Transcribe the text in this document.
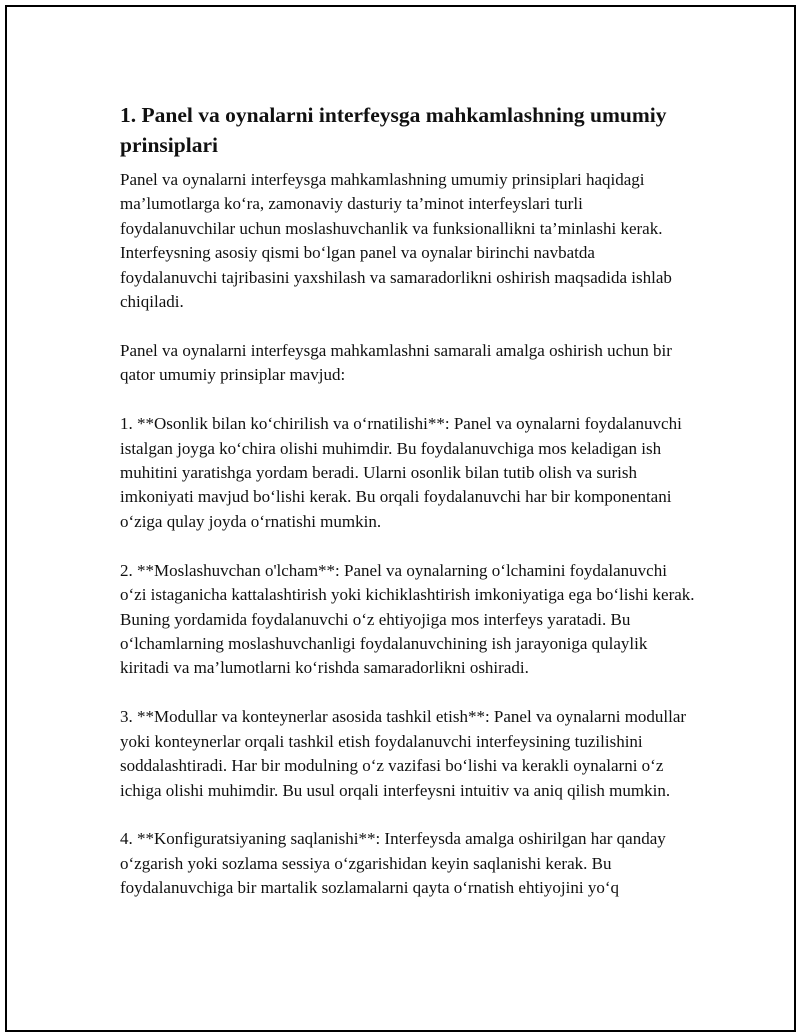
1. Panel va oynalarni interfeysga mahkamlashning umumiy prinsiplari

Panel va oynalarni interfeysga mahkamlashning umumiy prinsiplari haqidagi ma’lumotlarga ko‘ra, zamonaviy dasturiy ta’minot interfeyslari turli foydalanuvchilar uchun moslashuvchanlik va funksionallikni ta’minlashi kerak. Interfeysning asosiy qismi bo‘lgan panel va oynalar birinchi navbatda foydalanuvchi tajribasini yaxshilash va samaradorlikni oshirish maqsadida ishlab chiqiladi.

Panel va oynalarni interfeysga mahkamlashni samarali amalga oshirish uchun bir qator umumiy prinsiplar mavjud:

1. **Osonlik bilan ko‘chirilish va o‘rnatilishi**: Panel va oynalarni foydalanuvchi istalgan joyga ko‘chira olishi muhimdir. Bu foydalanuvchiga mos keladigan ish muhitini yaratishga yordam beradi. Ularni osonlik bilan tutib olish va surish imkoniyati mavjud bo‘lishi kerak. Bu orqali foydalanuvchi har bir komponentani o‘ziga qulay joyda o‘rnatishi mumkin.

2. **Moslashuvchan o'lcham**: Panel va oynalarning o‘lchamini foydalanuvchi o‘zi istaganicha kattalashtirish yoki kichiklashtirish imkoniyatiga ega bo‘lishi kerak. Buning yordamida foydalanuvchi o‘z ehtiyojiga mos interfeys yaratadi. Bu o‘lchamlarning moslashuvchanligi foydalanuvchining ish jarayoniga qulaylik kiritadi va ma’lumotlarni ko‘rishda samaradorlikni oshiradi.

3. **Modullar va konteynerlar asosida tashkil etish**: Panel va oynalarni modullar yoki konteynerlar orqali tashkil etish foydalanuvchi interfeysining tuzilishini soddalashtiradi. Har bir modulning o‘z vazifasi bo‘lishi va kerakli oynalarni o‘z ichiga olishi muhimdir. Bu usul orqali interfeysni intuitiv va aniq qilish mumkin.

4. **Konfiguratsiyaning saqlanishi**: Interfeysda amalga oshirilgan har qanday o‘zgarish yoki sozlama sessiya o‘zgarishidan keyin saqlanishi kerak. Bu foydalanuvchiga bir martalik sozlamalarni qayta o‘rnatish ehtiyojini yo‘q
